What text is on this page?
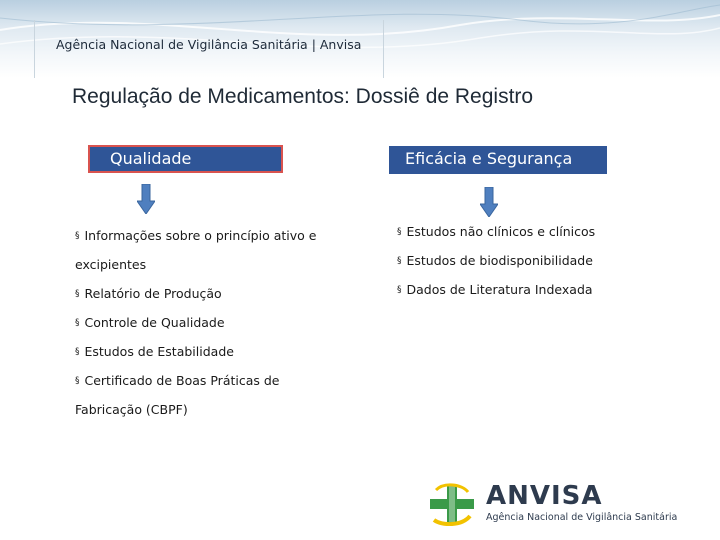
Agência Nacional de Vigilância Sanitária | Anvisa
Regulação de Medicamentos: Dossiê de Registro
Qualidade	Eficácia e Segurança
§ Informações sobre o princípio ativo e
excipientes
§ Relatório de Produção
§ Controle de Qualidade
§ Estudos de Estabilidade
§ Certificado de Boas Práticas de
Fabricação (CBPF)
§ Estudos não clínicos e clínicos
§ Estudos de biodisponibilidade
§ Dados de Literatura Indexada
ANVISA
Agência Nacional de Vigilância Sanitária
